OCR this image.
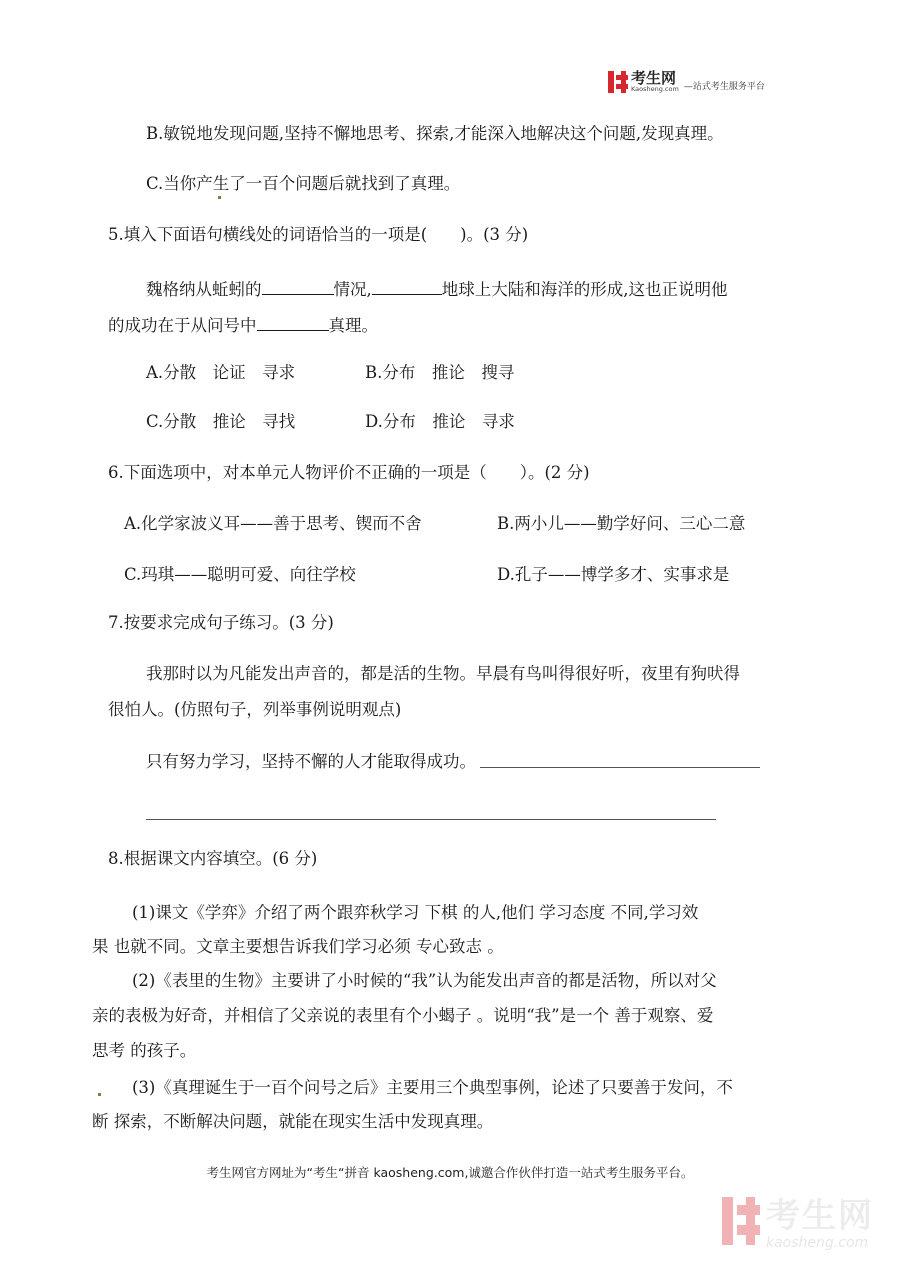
考生网
Kaosheng.com —站式考生服务平台
B.敏锐地发现问题,坚持不懈地思考、探索,才能深入地解决这个问题,发现真理。
C.当你产生了一百个问题后就找到了真理。
5.填入下面语句横线处的词语恰当的一项是(　　)。(3 分)
魏格纳从蚯蚓的	情况,	地球上大陆和海洋的形成,这也正说明他
的成功在于从问号中	真理。
A.分散　论证　寻求	B.分布　推论　搜寻
C.分散　推论　寻找	D.分布　推论　寻求
6.下面选项中，对本单元人物评价不正确的一项是（　　）。(2 分)
A.化学家波义耳——善于思考、锲而不舍	B.两小儿——勤学好问、三心二意
C.玛琪——聪明可爱、向往学校	D.孔子——博学多才、实事求是
7.按要求完成句子练习。(3 分)
我那时以为凡能发出声音的，都是活的生物。早晨有鸟叫得很好听，夜里有狗吠得
很怕人。(仿照句子，列举事例说明观点)
只有努力学习，坚持不懈的人才能取得成功。
8.根据课文内容填空。(6 分)
(1)课文《学弈》介绍了两个跟弈秋学习 下棋 的人,他们 学习态度 不同,学习效
果 也就不同。文章主要想告诉我们学习必须 专心致志 。
(2)《表里的生物》主要讲了小时候的“我”认为能发出声音的都是活物，所以对父
亲的表极为好奇，并相信了父亲说的表里有个小蝎子 。说明“我”是一个 善于观察、爱
思考 的孩子。
(3)《真理诞生于一百个问号之后》主要用三个典型事例，论述了只要善于发问，不
断 探索，不断解决问题，就能在现实生活中发现真理。
考生网官方网址为“考生“拼音 kaosheng.com,诚邀合作伙伴打造一站式考生服务平台。
考生网
kaosheng.com
